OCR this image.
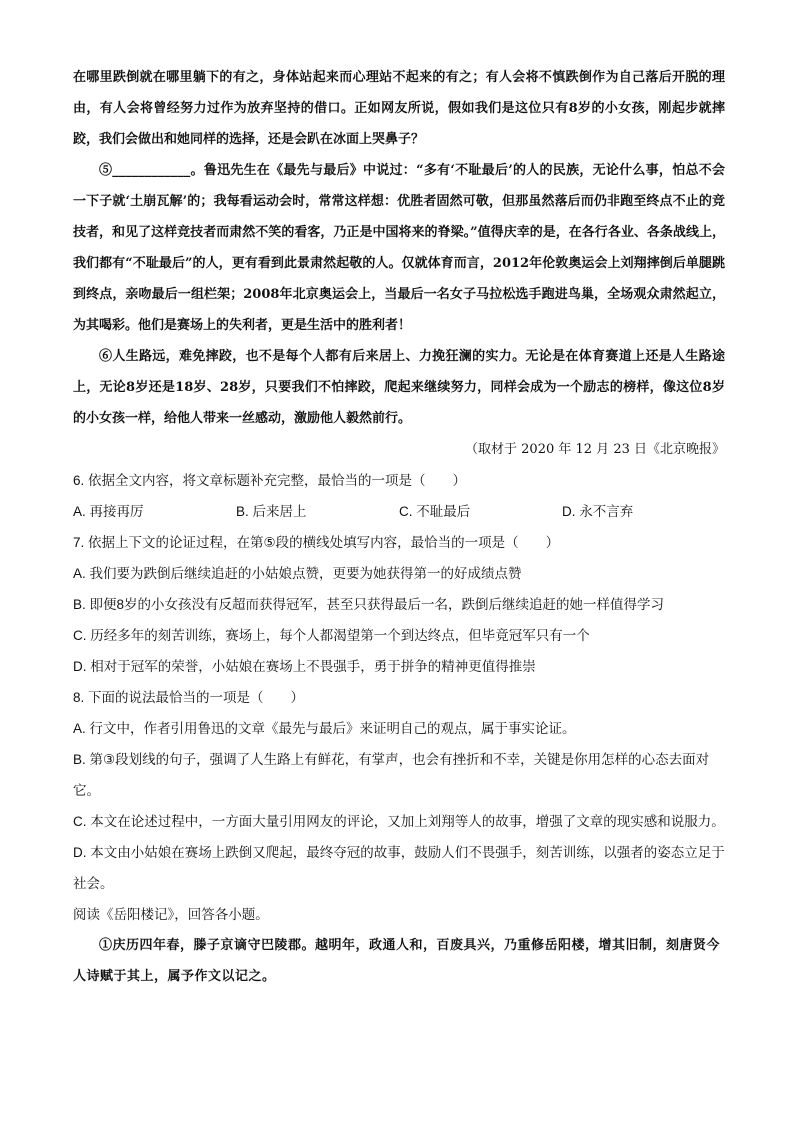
在哪里跌倒就在哪里躺下的有之，身体站起来而心理站不起来的有之；有人会将不慎跌倒作为自己落后开脱的理由，有人会将曾经努力过作为放弃坚持的借口。正如网友所说，假如我们是这位只有8岁的小女孩，刚起步就摔跤，我们会做出和她同样的选择，还是会趴在冰面上哭鼻子？

⑤____________。鲁迅先生在《最先与最后》中说过：“多有‘不耻最后’的人的民族，无论什么事，怕总不会一下子就‘土崩瓦解’的；我每看运动会时，常常这样想：优胜者固然可敬，但那虽然落后而仍非跑至终点不止的竞技者，和见了这样竞技者而肃然不笑的看客，乃正是中国将来的脊梁。”值得庆幸的是，在各行各业、各条战线上，我们都有“不耻最后”的人，更有看到此景肃然起敬的人。仅就体育而言，2012年伦敦奥运会上刘翔摔倒后单腿跳到终点，亲吻最后一组栏架；2008年北京奥运会上，当最后一名女子马拉松选手跑进鸟巢，全场观众肃然起立，为其喝彩。他们是赛场上的失利者，更是生活中的胜利者！

⑥人生路远，难免摔跤，也不是每个人都有后来居上、力挽狂澜的实力。无论是在体育赛道上还是人生路途上，无论8岁还是18岁、28岁，只要我们不怕摔跤，爬起来继续努力，同样会成为一个励志的榜样，像这位8岁的小女孩一样，给他人带来一丝感动，激励他人毅然前行。

（取材于 2020 年 12 月 23 日《北京晚报》

6. 依据全文内容，将文章标题补充完整，最恰当的一项是（　　）

A. 再接再厉	B. 后来居上	C. 不耻最后	D. 永不言弃

7. 依据上下文的论证过程，在第⑤段的横线处填写内容，最恰当的一项是（　　）

A. 我们要为跌倒后继续追赶的小姑娘点赞，更要为她获得第一的好成绩点赞

B. 即便8岁的小女孩没有反超而获得冠军，甚至只获得最后一名，跌倒后继续追赶的她一样值得学习

C. 历经多年的刻苦训练，赛场上，每个人都渴望第一个到达终点，但毕竟冠军只有一个

D. 相对于冠军的荣誉，小姑娘在赛场上不畏强手，勇于拼争的精神更值得推崇

8. 下面的说法最恰当的一项是（　　）

A. 行文中，作者引用鲁迅的文章《最先与最后》来证明自己的观点，属于事实论证。

B. 第③段划线的句子，强调了人生路上有鲜花，有掌声，也会有挫折和不幸，关键是你用怎样的心态去面对它。

C. 本文在论述过程中，一方面大量引用网友的评论，又加上刘翔等人的故事，增强了文章的现实感和说服力。

D. 本文由小姑娘在赛场上跌倒又爬起，最终夺冠的故事，鼓励人们不畏强手，刻苦训练，以强者的姿态立足于社会。

阅读《岳阳楼记》，回答各小题。

①庆历四年春，滕子京谪守巴陵郡。越明年，政通人和，百废具兴，乃重修岳阳楼，增其旧制，刻唐贤今人诗赋于其上，属予作文以记之。
